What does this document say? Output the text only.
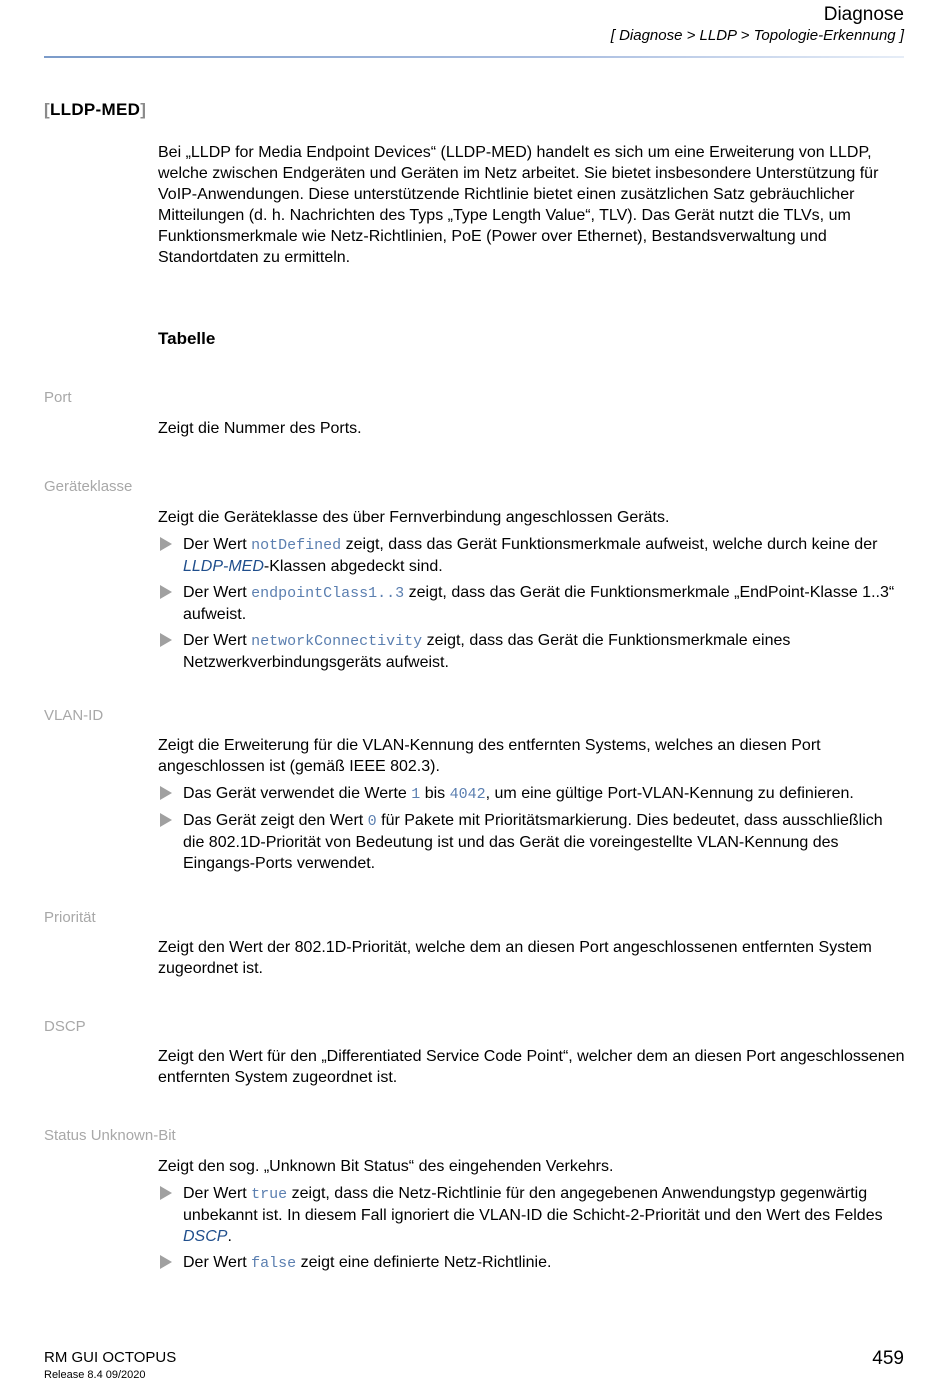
Diagnose
[ Diagnose > LLDP > Topologie-Erkennung ]
[LLDP-MED]

Bei „LLDP for Media Endpoint Devices“ (LLDP-MED) handelt es sich um eine Erweiterung von LLDP, welche zwischen Endgeräten und Geräten im Netz arbeitet. Sie bietet insbesondere Unterstützung für VoIP-Anwendungen. Diese unterstützende Richtlinie bietet einen zusätzlichen Satz gebräuchlicher Mitteilungen (d. h. Nachrichten des Typs „Type Length Value“, TLV). Das Gerät nutzt die TLVs, um Funktionsmerkmale wie Netz-Richtlinien, PoE (Power over Ethernet), Bestandsverwaltung und Standortdaten zu ermitteln.

Tabelle
Port

Zeigt die Nummer des Ports.

Geräteklasse

Zeigt die Geräteklasse des über Fernverbindung angeschlossen Geräts.

Der Wert notDefined zeigt, dass das Gerät Funktionsmerkmale aufweist, welche durch keine der LLDP-MED-Klassen abgedeckt sind.
Der Wert endpointClass1..3 zeigt, dass das Gerät die Funktionsmerkmale „EndPoint-Klasse 1..3“ aufweist.
Der Wert networkConnectivity zeigt, dass das Gerät die Funktionsmerkmale eines Netzwerkverbindungsgeräts aufweist.
VLAN-ID

Zeigt die Erweiterung für die VLAN-Kennung des entfernten Systems, welches an diesen Port angeschlossen ist (gemäß IEEE 802.3).

Das Gerät verwendet die Werte 1 bis 4042, um eine gültige Port-VLAN-Kennung zu definieren.
Das Gerät zeigt den Wert 0 für Pakete mit Prioritätsmarkierung. Dies bedeutet, dass ausschließlich die 802.1D-Priorität von Bedeutung ist und das Gerät die voreingestellte VLAN-Kennung des Eingangs-Ports verwendet.
Priorität

Zeigt den Wert der 802.1D-Priorität, welche dem an diesen Port angeschlossenen entfernten System zugeordnet ist.

DSCP

Zeigt den Wert für den „Differentiated Service Code Point“, welcher dem an diesen Port angeschlossenen entfernten System zugeordnet ist.

Status Unknown-Bit

Zeigt den sog. „Unknown Bit Status“ des eingehenden Verkehrs.

Der Wert true zeigt, dass die Netz-Richtlinie für den angegebenen Anwendungstyp gegenwärtig unbekannt ist. In diesem Fall ignoriert die VLAN-ID die Schicht-2-Priorität und den Wert des Feldes DSCP.
Der Wert false zeigt eine definierte Netz-Richtlinie.
RM GUI OCTOPUS
Release 8.4 09/2020
459
